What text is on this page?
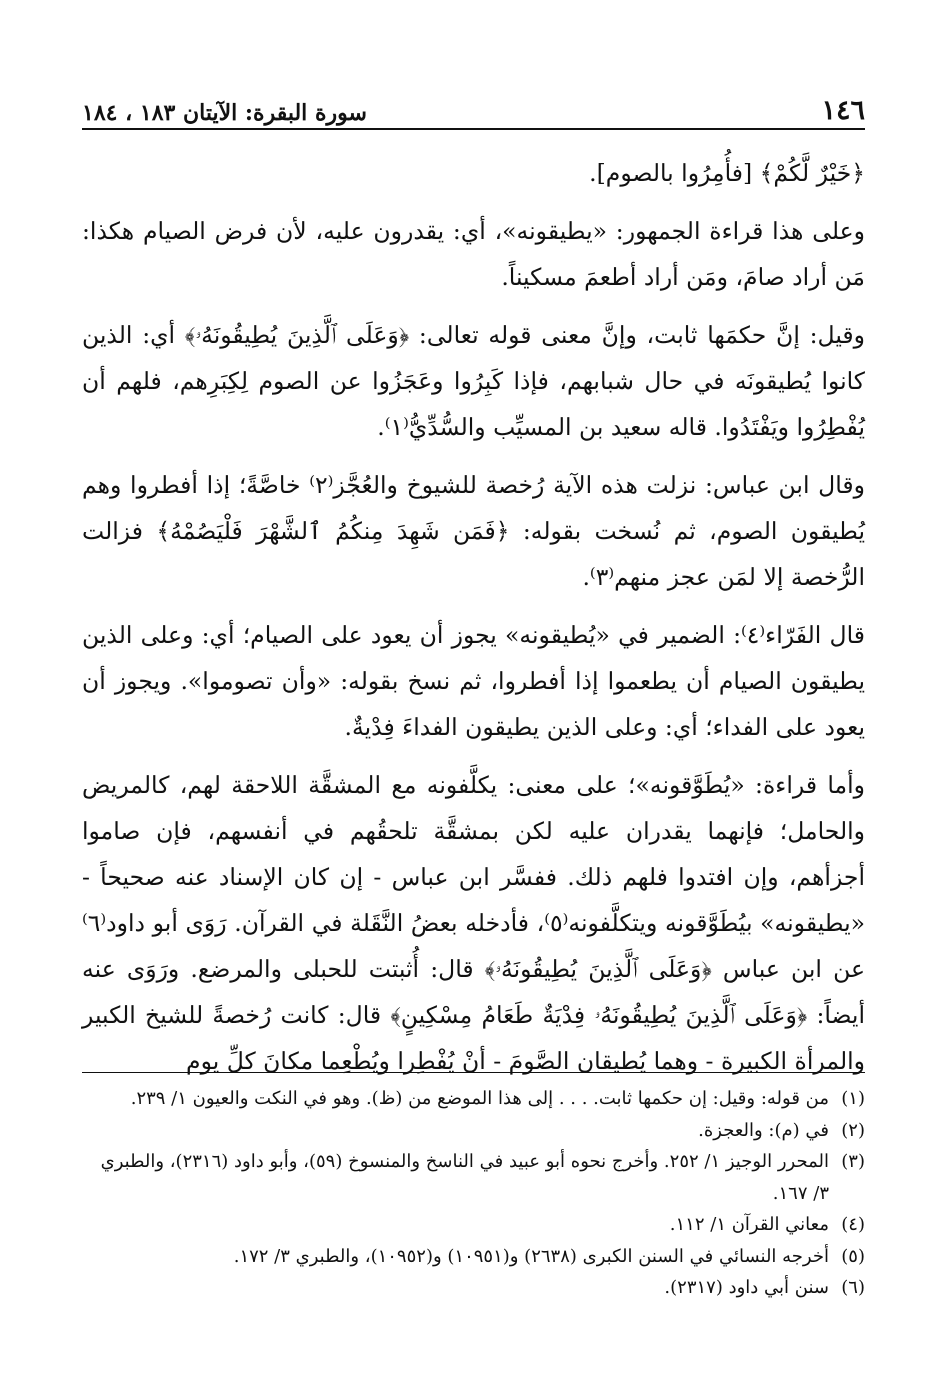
١٤٦
سورة البقرة: الآيتان ١٨٣ ، ١٨٤

﴿خَيْرٌ لَّكُمْ﴾ [فأُمِرُوا بالصوم].

وعلى هذا قراءة الجمهور: «يطيقونه»، أي: يقدرون عليه، لأن فرض الصيام هكذا: مَن أراد صامَ، ومَن أراد أطعمَ مسكيناً.

وقيل: إنَّ حكمَها ثابت، وإنَّ معنى قوله تعالى: ﴿وَعَلَى ٱلَّذِينَ يُطِيقُونَهُۥ﴾ أي: الذين كانوا يُطيقونَه في حال شبابهم، فإذا كَبِرُوا وعَجَزُوا عن الصوم لِكِبَرِهم، فلهم أن يُفْطِرُوا ويَفْتَدُوا. قاله سعيد بن المسيِّب والسُّدِّيُّ⁽١⁾.

وقال ابن عباس: نزلت هذه الآية رُخصة للشيوخ والعُجَّز⁽٢⁾ خاصَّةً؛ إذا أفطروا وهم يُطيقون الصوم، ثم نُسخت بقوله: ﴿فَمَن شَهِدَ مِنكُمُ ٱلشَّهْرَ فَلْيَصُمْهُ﴾ فزالت الرُّخصة إلا لمَن عجز منهم⁽٣⁾.

قال الفَرّاء⁽٤⁾: الضمير في «يُطيقونه» يجوز أن يعود على الصيام؛ أي: وعلى الذين يطيقون الصيام أن يطعموا إذا أفطروا، ثم نسخ بقوله: «وأن تصوموا». ويجوز أن يعود على الفداء؛ أي: وعلى الذين يطيقون الفداءَ فِدْيةٌ.

وأما قراءة: «يُطَوَّقونه»؛ على معنى: يكلَّفونه مع المشقَّة اللاحقة لهم، كالمريض والحامل؛ فإنهما يقدران عليه لكن بمشقَّة تلحقُهم في أنفسهم، فإن صاموا أجزأهم، وإن افتدوا فلهم ذلك. ففسَّر ابن عباس - إن كان الإسناد عنه صحيحاً - «يطيقونه» بيُطَوَّقونه ويتكلَّفونه⁽٥⁾، فأدخله بعضُ النَّقَلة في القرآن. رَوَى أبو داود⁽٦⁾ عن ابن عباس ﴿وَعَلَى ٱلَّذِينَ يُطِيقُونَهُۥ﴾ قال: أُثبتت للحبلى والمرضع. ورَوَى عنه أيضاً: ﴿وَعَلَى ٱلَّذِينَ يُطِيقُونَهُۥ فِدْيَةٌ طَعَامُ مِسْكِينٍ﴾ قال: كانت رُخصةً للشيخ الكبير والمرأة الكبيرة - وهما يُطيقان الصَّومَ - أنْ يُفْطِرا ويُطْعِما مكانَ كلِّ يوم

(١)
من قوله: وقيل: إن حكمها ثابت. . . . إلى هذا الموضع من (ظ). وهو في النكت والعيون ١/ ٢٣٩.
(٢)
في (م): والعجزة.
(٣)
المحرر الوجيز ١/ ٢٥٢. وأخرج نحوه أبو عبيد في الناسخ والمنسوخ (٥٩)، وأبو داود (٢٣١٦)، والطبري ٣/ ١٦٧.
(٤)
معاني القرآن ١/ ١١٢.
(٥)
أخرجه النسائي في السنن الكبرى (٢٦٣٨) و(١٠٩٥١) و(١٠٩٥٢)، والطبري ٣/ ١٧٢.
(٦)
سنن أبي داود (٢٣١٧).
